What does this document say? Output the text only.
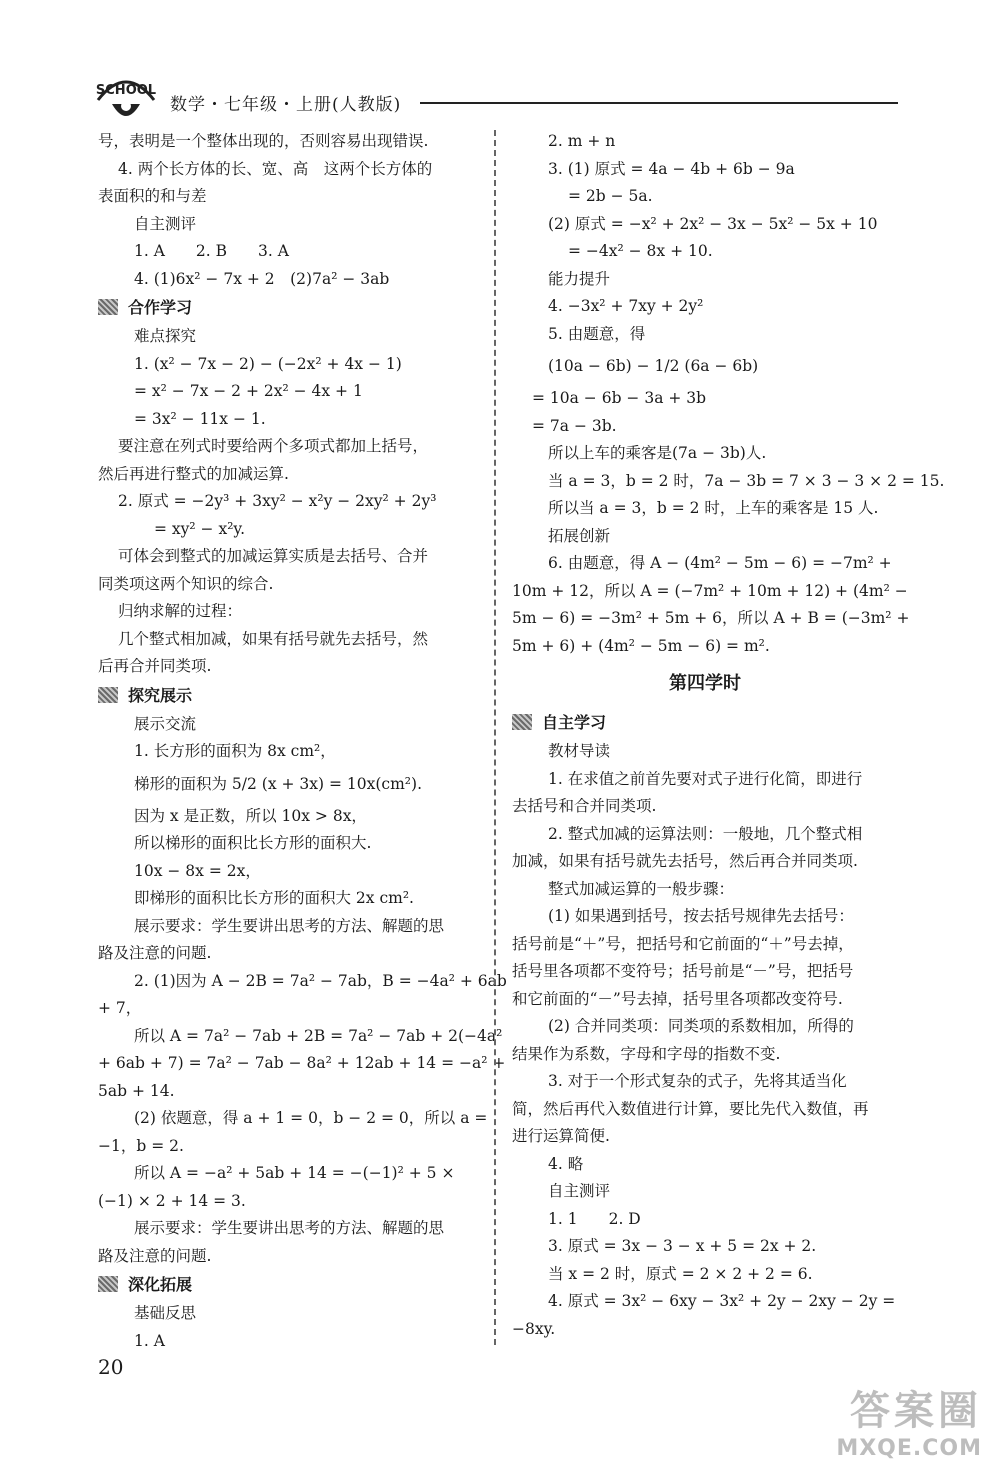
SCHOOL
数学・七年级・上册(人教版)
号，表明是一个整体出现的，否则容易出现错误.
4. 两个长方体的长、宽、高　这两个长方体的
表面积的和与差
自主测评
1. A　　2. B　　3. A
4. (1)6x² − 7x + 2　(2)7a² − 3ab
合作学习
难点探究
1. (x² − 7x − 2) − (−2x² + 4x − 1)
= x² − 7x − 2 + 2x² − 4x + 1
= 3x² − 11x − 1.
要注意在列式时要给两个多项式都加上括号，
然后再进行整式的加减运算.
2. 原式 = −2y³ + 3xy² − x²y − 2xy² + 2y³
= xy² − x²y.
可体会到整式的加减运算实质是去括号、合并
同类项这两个知识的综合.
归纳求解的过程：
几个整式相加减，如果有括号就先去括号，然
后再合并同类项.
探究展示
展示交流
1. 长方形的面积为 8x cm²，
梯形的面积为 5/2 (x + 3x) = 10x(cm²).
因为 x 是正数，所以 10x > 8x，
所以梯形的面积比长方形的面积大.
10x − 8x = 2x，
即梯形的面积比长方形的面积大 2x cm².
展示要求：学生要讲出思考的方法、解题的思
路及注意的问题.
2. (1)因为 A − 2B = 7a² − 7ab，B = −4a² + 6ab
+ 7，
所以 A = 7a² − 7ab + 2B = 7a² − 7ab + 2(−4a²
+ 6ab + 7) = 7a² − 7ab − 8a² + 12ab + 14 = −a² +
5ab + 14.
(2) 依题意，得 a + 1 = 0，b − 2 = 0，所以 a =
−1，b = 2.
所以 A = −a² + 5ab + 14 = −(−1)² + 5 ×
(−1) × 2 + 14 = 3.
展示要求：学生要讲出思考的方法、解题的思
路及注意的问题.
深化拓展
基础反思
1. A
2. m + n
3. (1) 原式 = 4a − 4b + 6b − 9a
= 2b − 5a.
(2) 原式 = −x² + 2x² − 3x − 5x² − 5x + 10
= −4x² − 8x + 10.
能力提升
4. −3x² + 7xy + 2y²
5. 由题意，得
(10a − 6b) − 1/2 (6a − 6b)
= 10a − 6b − 3a + 3b
= 7a − 3b.
所以上车的乘客是(7a − 3b)人.
当 a = 3，b = 2 时，7a − 3b = 7 × 3 − 3 × 2 = 15.
所以当 a = 3，b = 2 时，上车的乘客是 15 人.
拓展创新
6. 由题意，得 A − (4m² − 5m − 6) = −7m² +
10m + 12，所以 A = (−7m² + 10m + 12) + (4m² −
5m − 6) = −3m² + 5m + 6，所以 A + B = (−3m² +
5m + 6) + (4m² − 5m − 6) = m².
第四学时
自主学习
教材导读
1. 在求值之前首先要对式子进行化简，即进行
去括号和合并同类项.
2. 整式加减的运算法则：一般地，几个整式相
加减，如果有括号就先去括号，然后再合并同类项.
整式加减运算的一般步骤：
(1) 如果遇到括号，按去括号规律先去括号：
括号前是“＋”号，把括号和它前面的“＋”号去掉，
括号里各项都不变符号；括号前是“－”号，把括号
和它前面的“－”号去掉，括号里各项都改变符号.
(2) 合并同类项：同类项的系数相加，所得的
结果作为系数，字母和字母的指数不变.
3. 对于一个形式复杂的式子，先将其适当化
简，然后再代入数值进行计算，要比先代入数值，再
进行运算简便.
4. 略
自主测评
1. 1　　2. D
3. 原式 = 3x − 3 − x + 5 = 2x + 2.
当 x = 2 时，原式 = 2 × 2 + 2 = 6.
4. 原式 = 3x² − 6xy − 3x² + 2y − 2xy − 2y =
−8xy.
20
答案圈
MXQE.COM
